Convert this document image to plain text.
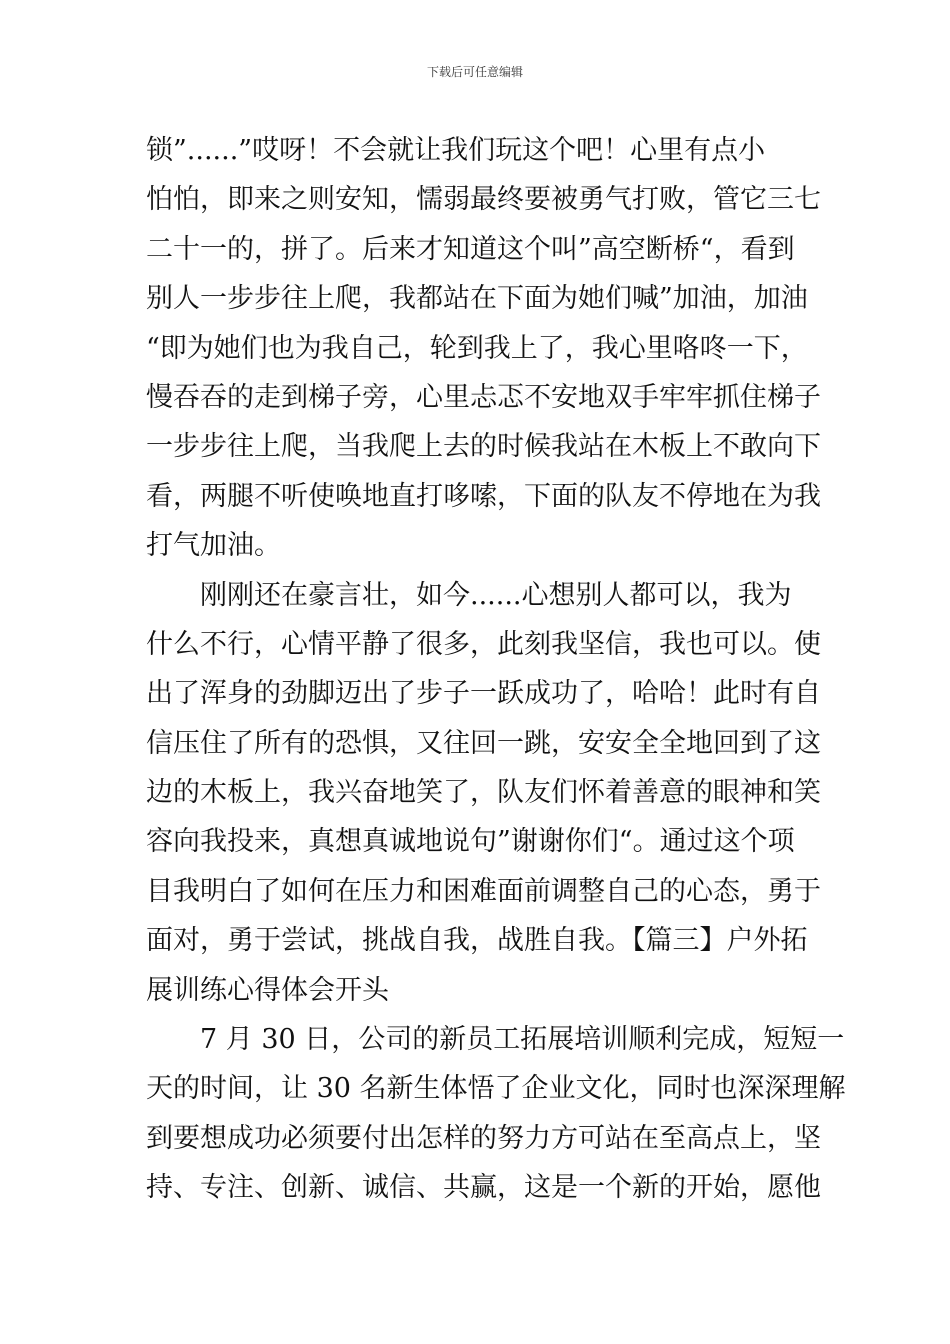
下载后可任意编辑
锁”......”哎呀！不会就让我们玩这个吧！心里有点小
怕怕，即来之则安知，懦弱最终要被勇气打败，管它三七
二十一的，拼了。后来才知道这个叫”高空断桥“，看到
别人一步步往上爬，我都站在下面为她们喊”加油，加油
“即为她们也为我自己，轮到我上了，我心里咯咚一下，
慢吞吞的走到梯子旁，心里忐忑不安地双手牢牢抓住梯子
一步步往上爬，当我爬上去的时候我站在木板上不敢向下
看，两腿不听使唤地直打哆嗦，下面的队友不停地在为我
打气加油。
刚刚还在豪言壮，如今......心想别人都可以，我为
什么不行，心情平静了很多，此刻我坚信，我也可以。使
出了浑身的劲脚迈出了步子一跃成功了，哈哈！此时有自
信压住了所有的恐惧，又往回一跳，安安全全地回到了这
边的木板上，我兴奋地笑了，队友们怀着善意的眼神和笑
容向我投来，真想真诚地说句”谢谢你们“。通过这个项
目我明白了如何在压力和困难面前调整自己的心态，勇于
面对，勇于尝试，挑战自我，战胜自我。【篇三】户外拓
展训练心得体会开头
7 月 30 日，公司的新员工拓展培训顺利完成，短短一
天的时间，让 30 名新生体悟了企业文化，同时也深深理解
到要想成功必须要付出怎样的努力方可站在至高点上，坚
持、专注、创新、诚信、共赢，这是一个新的开始，愿他
